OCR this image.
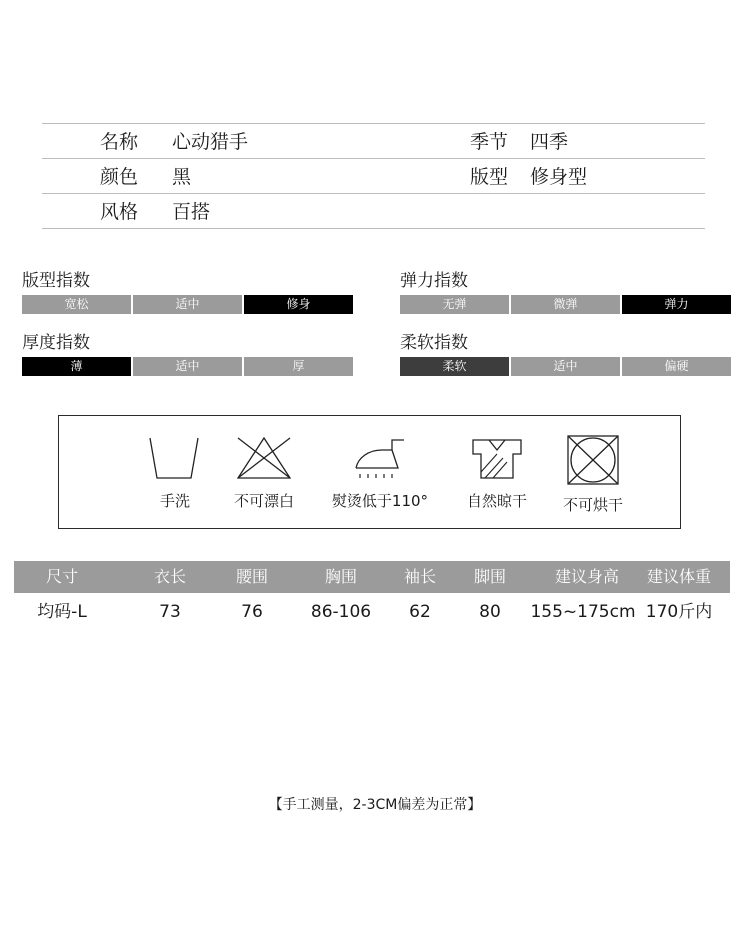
名称 心动猎手	季节 四季
颜色 黑	版型 修身型
风格 百搭
版型指数
宽松	适中	修身
弹力指数
无弹	微弹	弹力
厚度指数
薄	适中	厚
柔软指数
柔软	适中	偏硬
手洗	不可漂白	熨烫低于110°	自然晾干	不可烘干
尺寸	衣长	腰围	胸围	袖长	脚围	建议身高	建议体重
均码-L	73	76	86-106	62	80	155~175cm 170斤内
【手工测量，2-3CM偏差为正常】
